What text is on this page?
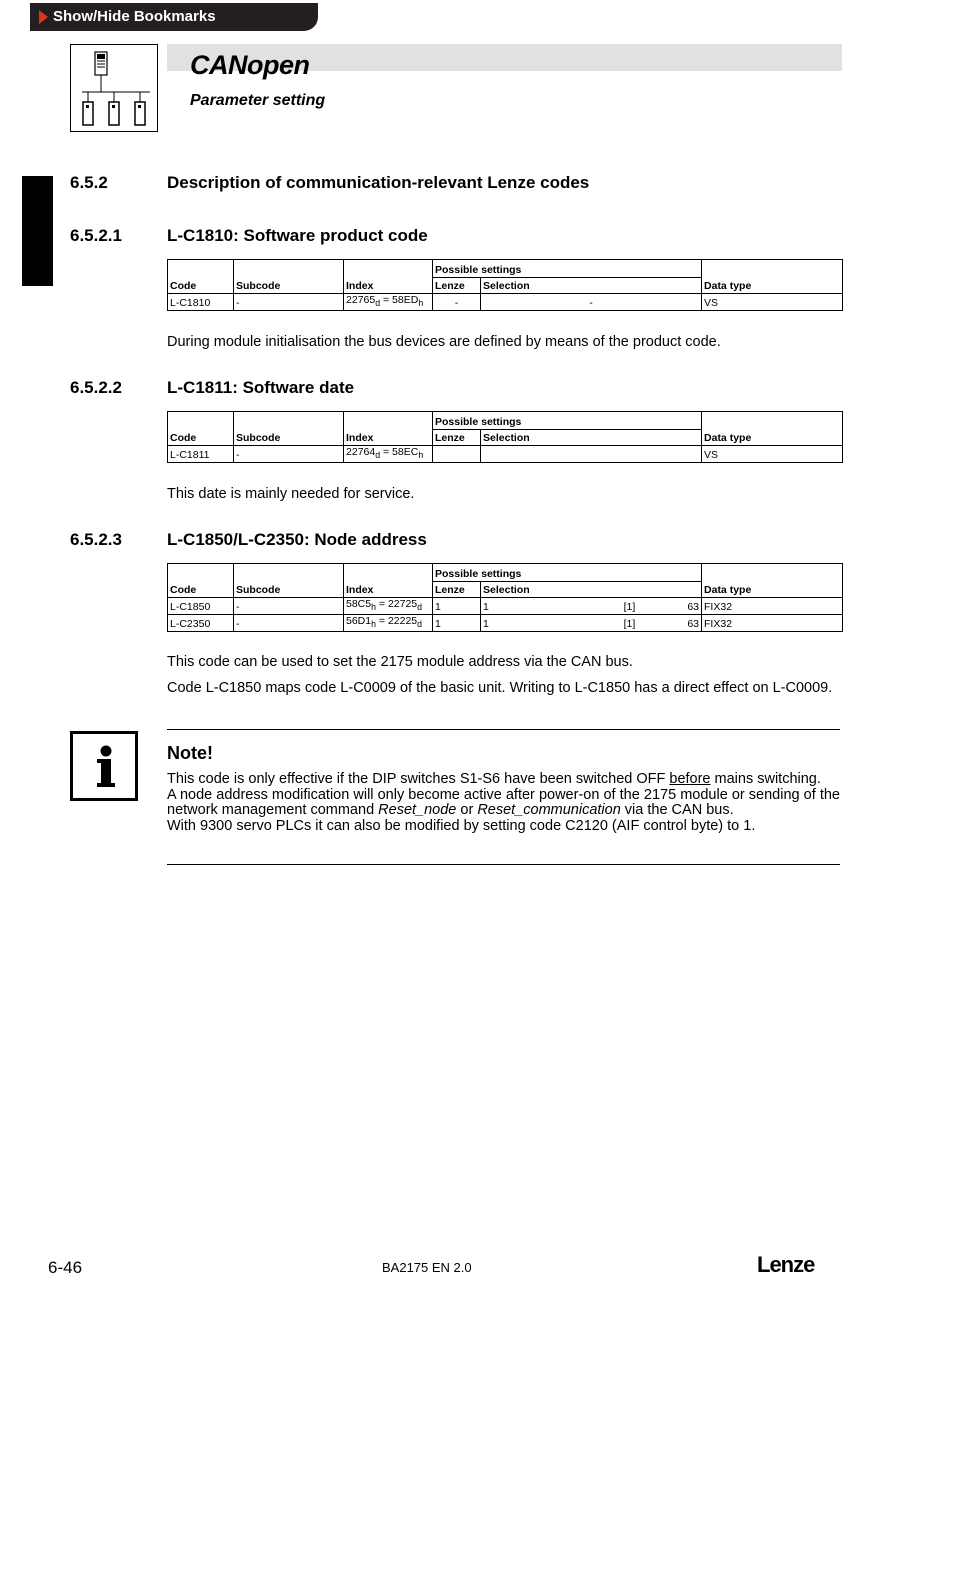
Show/Hide Bookmarks
CANopen
Parameter setting
6.5.2	Description of communication-relevant Lenze codes
6.5.2.1	L-C1810: Software product code
Code	Subcode	Index	Possible settings		Data type
			Lenze	Selection	
L-C1810	-	$22765_d = 58ED_h$	-	-	VS
During module initialisation the bus devices are defined by means of the product code.
6.5.2.2	L-C1811: Software date
Code	Subcode	Index	Possible settings		Data type
			Lenze	Selection	
L-C1811	-	$22764_d = 58EC_h$			VS
This date is mainly needed for service.
6.5.2.3	L-C1850/L-C2350: Node address
Code	Subcode	Index	Possible settings		Data type
			Lenze	Selection	
L-C1850	-	$58C5_h = 22725_d$	1	1 [1] 63	FIX32
L-C2350	-	$56D1_h = 22225_d$	1	1 [1] 63	FIX32
This code can be used to set the 2175 module address via the CAN bus.
Code L-C1850 maps code L-C0009 of the basic unit. Writing to L-C1850 has a direct effect on L-C0009.
Note!
This code is only effective if the DIP switches S1-S6 have been switched OFF before mains switching.
A node address modification will only become active after power-on of the 2175 module or sending of the network management command Reset_node or Reset_communication via the CAN bus.
With 9300 servo PLCs it can also be modified by setting code C2120 (AIF control byte) to 1.
6-46	BA2175 EN 2.0	Lenze
